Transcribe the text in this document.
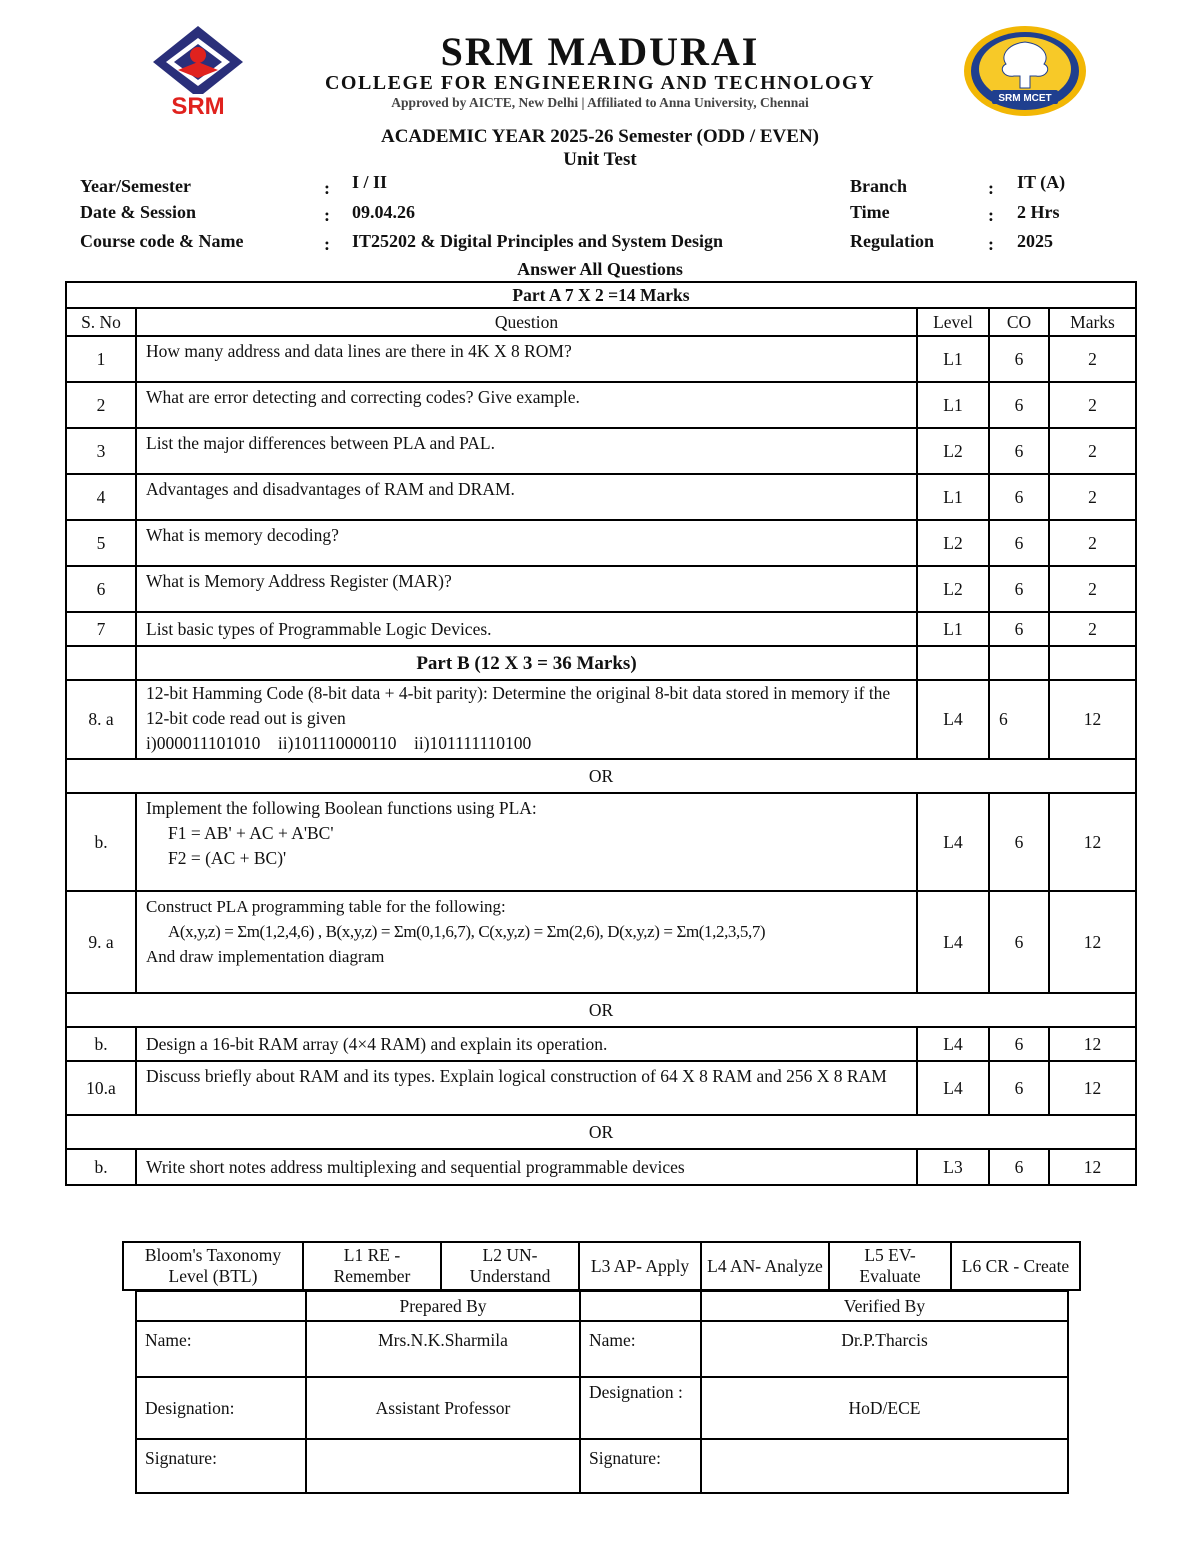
SRM
SRM MADURAI
COLLEGE FOR ENGINEERING AND TECHNOLOGY
Approved by AICTE, New Delhi | Affiliated to Anna University, Chennai	SRM MCET
ACADEMIC YEAR 2025-26 Semester (ODD / EVEN)
Unit Test
Year/Semester	: I / II
Date & Session	: 09.04.26
Course code & Name	: IT25202 & Digital Principles and System Design
Branch	: IT (A)
Time	: 2 Hrs
Regulation	: 2025
Answer All Questions
Part A 7 X 2 =14 Marks				
S. No	Question	Level	CO	Marks
1	How many address and data lines are there in 4K X 8 ROM?	L1	6	2
2	What are error detecting and correcting codes? Give example.	L1	6	2
3	List the major differences between PLA and PAL.	L2	6	2
4	Advantages and disadvantages of RAM and DRAM.	L1	6	2
5	What is memory decoding?	L2	6	2
6	What is Memory Address Register (MAR)?	L2	6	2
7	List basic types of Programmable Logic Devices.	L1	6	2
	Part B (12 X 3 = 36 Marks)			
8. a	12-bit Hamming Code (8-bit data + 4-bit parity): Determine the original 8-bit data stored in memory if the 12-bit code read out is given
i)000011101010    ii)101110000110    ii)101111110100	L4	6	12
OR				
b.	Implement the following Boolean functions using PLA:
F1 = AB' + AC + A'BC'
F2 = (AC + BC)'	L4	6	12
9. a	Construct PLA programming table for the following:
A(x,y,z) = Σm(1,2,4,6) , B(x,y,z) = Σm(0,1,6,7), C(x,y,z) = Σm(2,6), D(x,y,z) = Σm(1,2,3,5,7)
And draw implementation diagram	L4	6	12
OR				
b.	Design a 16-bit RAM array (4×4 RAM) and explain its operation.	L4	6	12
10.a	Discuss briefly about RAM and its types. Explain logical construction of 64 X 8 RAM and 256 X 8 RAM	L4	6	12
OR				
b.	Write short notes address multiplexing and sequential programmable devices	L3	6	12
Bloom's Taxonomy Level (BTL)	L1 RE - Remember	L2 UN- Understand	L3 AP- Apply	L4 AN- Analyze	L5 EV- Evaluate	L6 CR - Create
	Prepared By		Verified By
Name:	Mrs.N.K.Sharmila	Name:	Dr.P.Tharcis
Designation:	Assistant Professor	Designation :	HoD/ECE
Signature:		Signature:	
